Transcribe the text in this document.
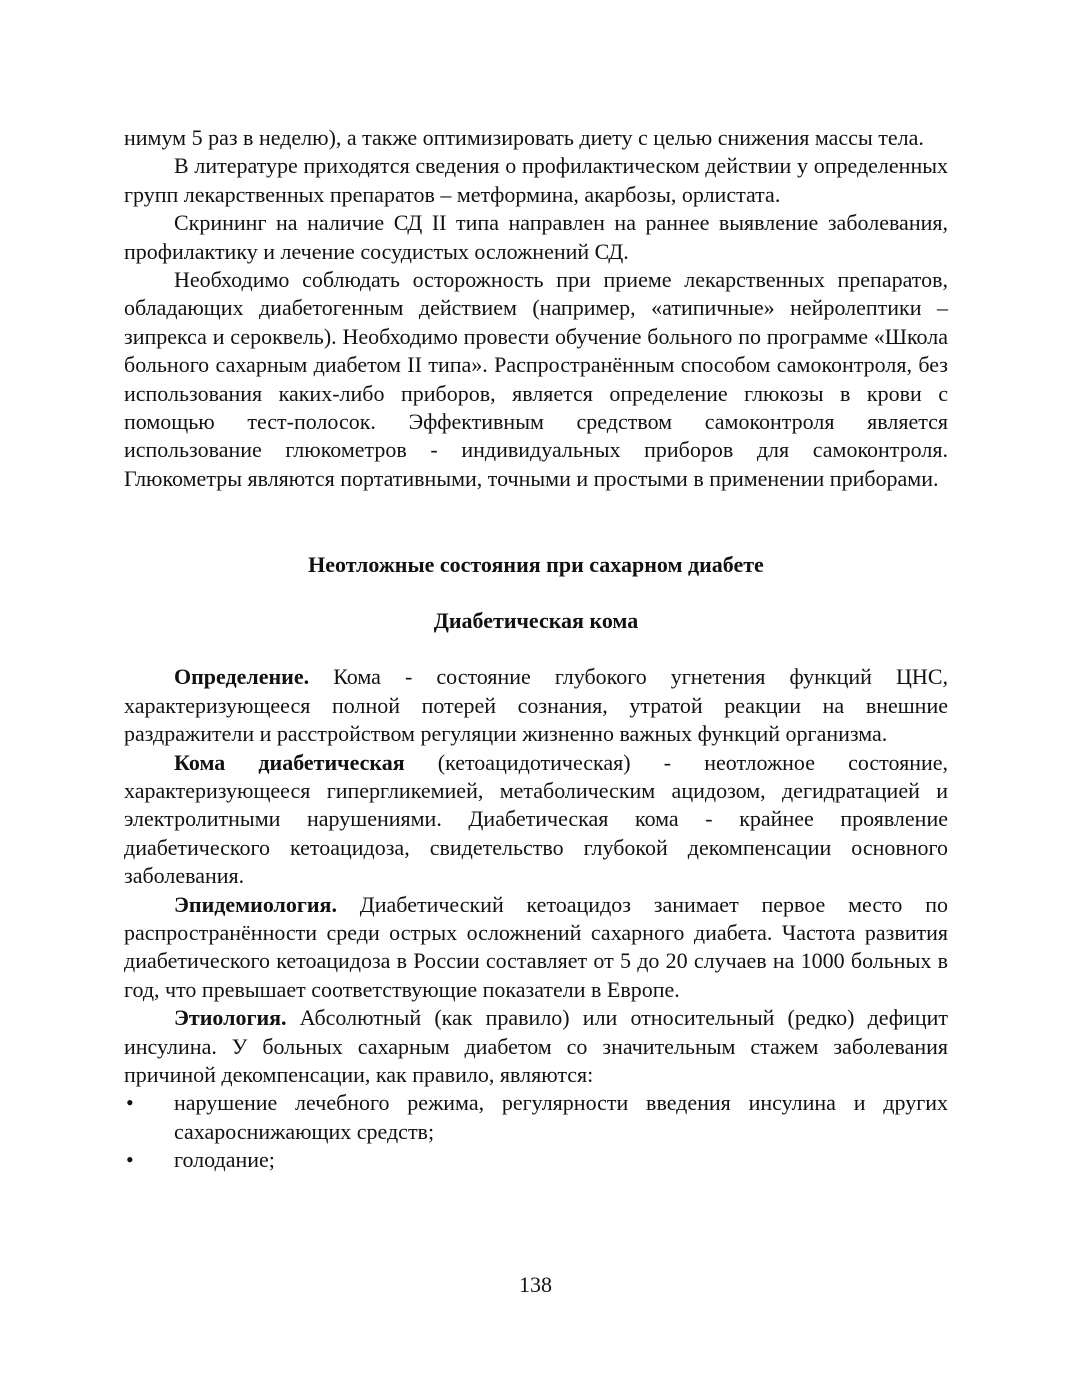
нимум 5 раз в неделю), а также оптимизировать диету с целью снижения массы тела.

В литературе приходятся сведения о профилактическом действии у определенных групп лекарственных препаратов – метформина, акарбозы, орлистата.

Скрининг на наличие СД II типа направлен на раннее выявление заболевания, профилактику и лечение сосудистых осложнений СД.

Необходимо соблюдать осторожность при приеме лекарственных препаратов, обладающих диабетогенным действием (например, «атипичные» нейролептики – зипрекса и сероквель). Необходимо провести обучение больного по программе «Школа больного сахарным диабетом II типа». Распространённым способом самоконтроля, без использования каких-либо приборов, является определение глюкозы в крови с помощью тест-полосок. Эффективным средством самоконтроля является использование глюкометров - индивидуальных приборов для самоконтроля. Глюкометры являются портативными, точными и простыми в применении приборами.

Неотложные состояния при сахарном диабете
Диабетическая кома

Определение. Кома - состояние глубокого угнетения функций ЦНС, характеризующееся полной потерей сознания, утратой реакции на внешние раздражители и расстройством регуляции жизненно важных функций организма.

Кома диабетическая (кетоацидотическая) - неотложное состояние, характеризующееся гипергликемией, метаболическим ацидозом, дегидратацией и электролитными нарушениями. Диабетическая кома - крайнее проявление диабетического кетоацидоза, свидетельство глубокой декомпенсации основного заболевания.

Эпидемиология. Диабетический кетоацидоз занимает первое место по распространённости среди острых осложнений сахарного диабета. Частота развития диабетического кетоацидоза в России составляет от 5 до 20 случаев на 1000 больных в год, что превышает соответствующие показатели в Европе.

Этиология. Абсолютный (как правило) или относительный (редко) дефицит инсулина. У больных сахарным диабетом со значительным стажем заболевания причиной декомпенсации, как правило, являются:

•	нарушение лечебного режима, регулярности введения инсулина и других сахароснижающих средств;
•	голодание;
138
